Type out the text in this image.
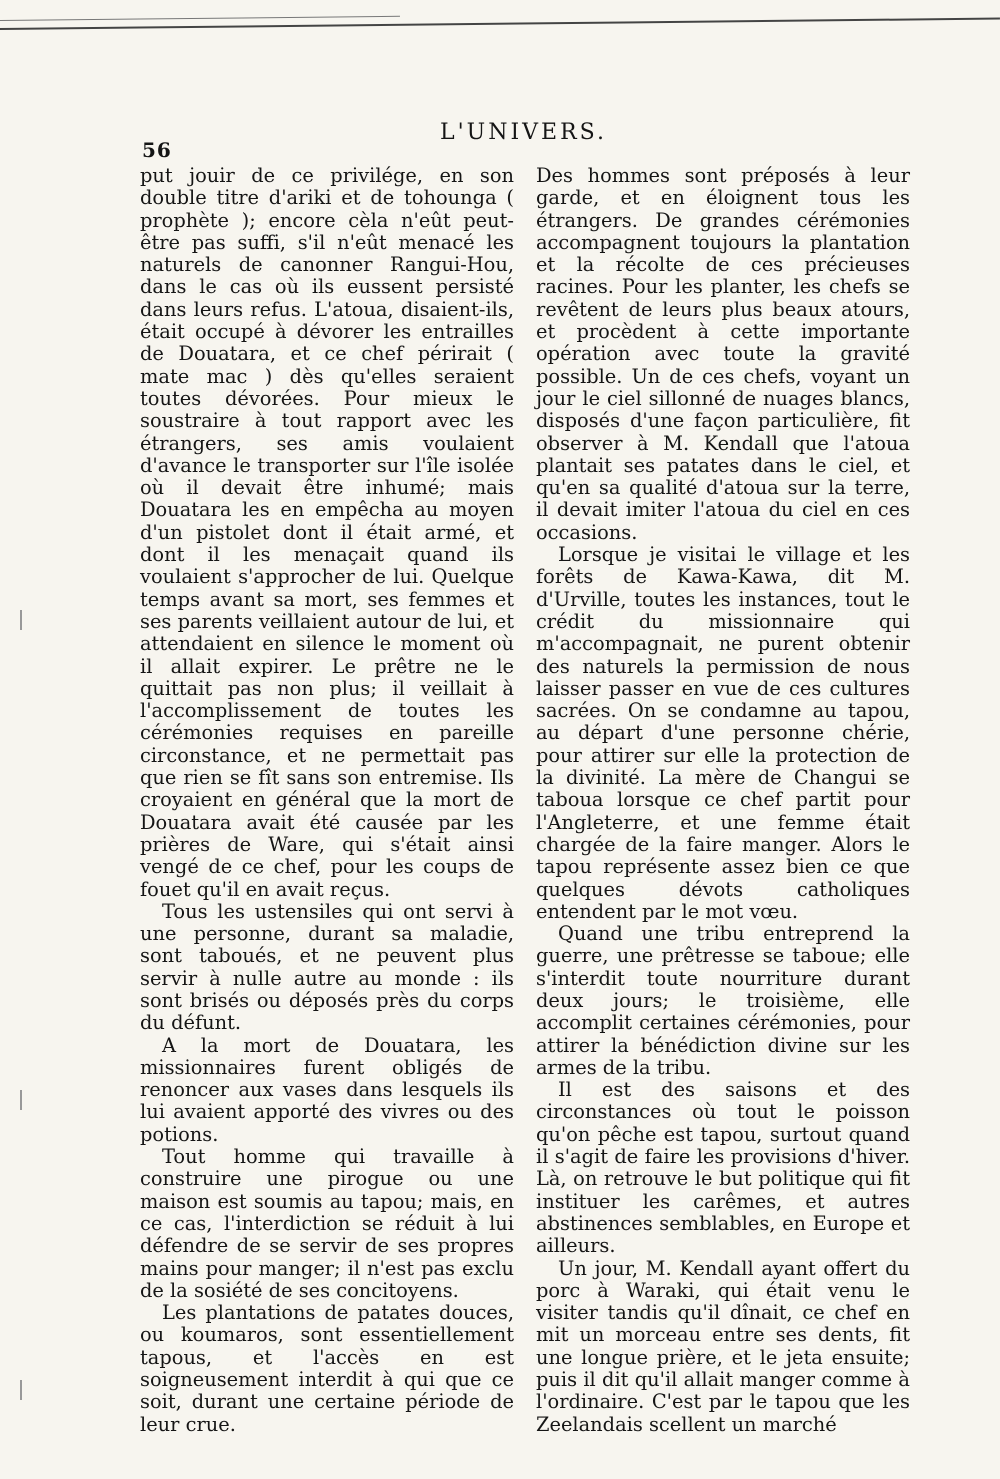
56
L'UNIVERS.

put jouir de ce privilége, en son double titre d'ariki et de tohounga ( prophète ); encore cèla n'eût peut-être pas suffi, s'il n'eût menacé les naturels de canonner Rangui-Hou, dans le cas où ils eussent persisté dans leurs refus. L'atoua, disaient-ils, était occupé à dévorer les entrailles de Douatara, et ce chef périrait ( mate mac ) dès qu'elles seraient toutes dévorées. Pour mieux le soustraire à tout rapport avec les étrangers, ses amis voulaient d'avance le transporter sur l'île isolée où il devait être inhumé; mais Douatara les en empêcha au moyen d'un pistolet dont il était armé, et dont il les menaçait quand ils voulaient s'approcher de lui. Quelque temps avant sa mort, ses femmes et ses parents veillaient autour de lui, et attendaient en silence le moment où il allait expirer. Le prêtre ne le quittait pas non plus; il veillait à l'accomplissement de toutes les cérémonies requises en pareille circonstance, et ne permettait pas que rien se fît sans son entremise. Ils croyaient en général que la mort de Douatara avait été causée par les prières de Ware, qui s'était ainsi vengé de ce chef, pour les coups de fouet qu'il en avait reçus.

Tous les ustensiles qui ont servi à une personne, durant sa maladie, sont taboués, et ne peuvent plus servir à nulle autre au monde : ils sont brisés ou déposés près du corps du défunt.

A la mort de Douatara, les missionnaires furent obligés de renoncer aux vases dans lesquels ils lui avaient apporté des vivres ou des potions.

Tout homme qui travaille à construire une pirogue ou une maison est soumis au tapou; mais, en ce cas, l'interdiction se réduit à lui défendre de se servir de ses propres mains pour manger; il n'est pas exclu de la sosiété de ses concitoyens.

Les plantations de patates douces, ou koumaros, sont essentiellement tapous, et l'accès en est soigneusement interdit à qui que ce soit, durant une certaine période de leur crue.

Des hommes sont préposés à leur garde, et en éloignent tous les étrangers. De grandes cérémonies accompagnent toujours la plantation et la récolte de ces précieuses racines. Pour les planter, les chefs se revêtent de leurs plus beaux atours, et procèdent à cette importante opération avec toute la gravité possible. Un de ces chefs, voyant un jour le ciel sillonné de nuages blancs, disposés d'une façon particulière, fit observer à M. Kendall que l'atoua plantait ses patates dans le ciel, et qu'en sa qualité d'atoua sur la terre, il devait imiter l'atoua du ciel en ces occasions.

Lorsque je visitai le village et les forêts de Kawa-Kawa, dit M. d'Urville, toutes les instances, tout le crédit du missionnaire qui m'accompagnait, ne purent obtenir des naturels la permission de nous laisser passer en vue de ces cultures sacrées. On se condamne au tapou, au départ d'une personne chérie, pour attirer sur elle la protection de la divinité. La mère de Changui se taboua lorsque ce chef partit pour l'Angleterre, et une femme était chargée de la faire manger. Alors le tapou représente assez bien ce que quelques dévots catholiques entendent par le mot vœu.

Quand une tribu entreprend la guerre, une prêtresse se taboue; elle s'interdit toute nourriture durant deux jours; le troisième, elle accomplit certaines cérémonies, pour attirer la bénédiction divine sur les armes de la tribu.

Il est des saisons et des circonstances où tout le poisson qu'on pêche est tapou, surtout quand il s'agit de faire les provisions d'hiver. Là, on retrouve le but politique qui fit instituer les carêmes, et autres abstinences semblables, en Europe et ailleurs.

Un jour, M. Kendall ayant offert du porc à Waraki, qui était venu le visiter tandis qu'il dînait, ce chef en mit un morceau entre ses dents, fit une longue prière, et le jeta ensuite; puis il dit qu'il allait manger comme à l'ordinaire. C'est par le tapou que les Zeelandais scellent un marché
